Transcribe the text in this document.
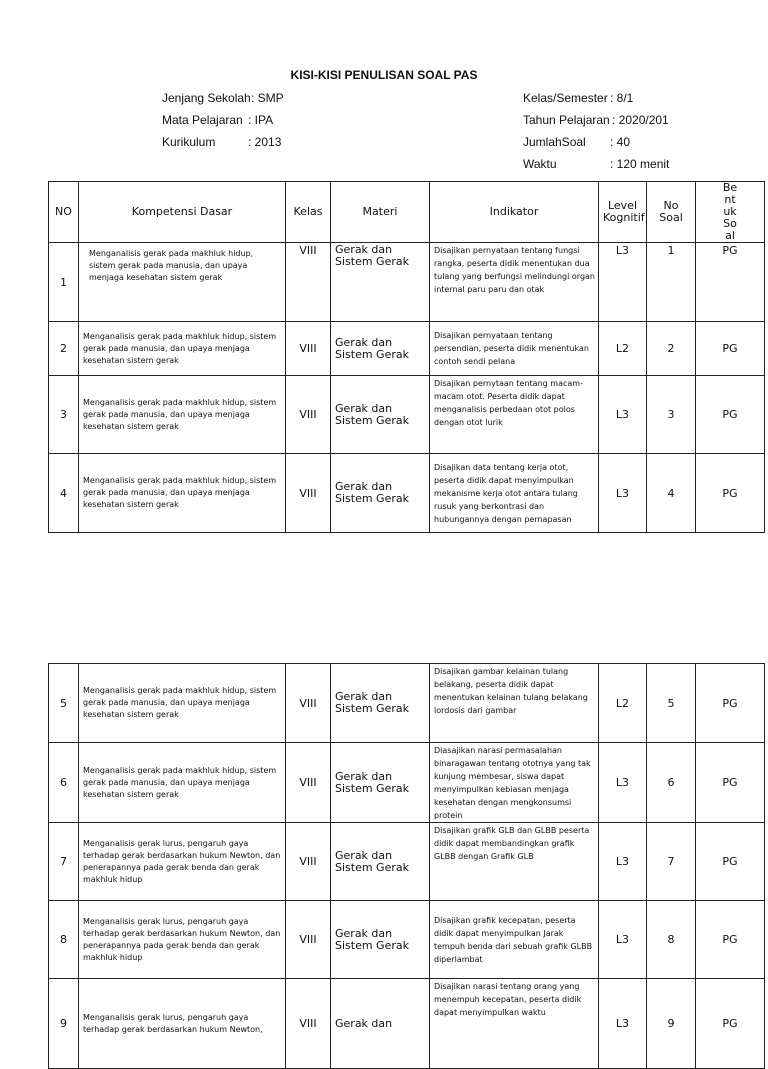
KISI-KISI PENULISAN SOAL PAS
Jenjang Sekolah : SMP
Mata Pelajaran : IPA
Kurikulum	: 2013
Kelas/Semester : 8/1
Tahun Pelajaran : 2020/201
JumlahSoal : 40
Waktu	: 120 menit
NO	Kompetensi Dasar	Kelas	Materi	Indikator	Level Kognitif	No Soal	Bentuk Soal
1	Menganalisis gerak pada makhluk hidup, sistem gerak pada manusia, dan upaya menjaga kesehatan sistem gerak	VIII	Gerak dan Sistem Gerak	Disajikan pernyataan tentang fungsi rangka, peserta didik menentukan dua tulang yang berfungsi melindungi organ internal paru paru dan otak	L3	1	PG
2	Menganalisis gerak pada makhluk hidup, sistem gerak pada manusia, dan upaya menjaga kesehatan sistem gerak	VIII	Gerak dan Sistem Gerak	Disajikan pernyataan tentang persendian, peserta didik menentukan contoh sendi pelana	L2	2	PG
3	Menganalisis gerak pada makhluk hidup, sistem gerak pada manusia, dan upaya menjaga kesehatan sistem gerak	VIII	Gerak dan Sistem Gerak	Disajikan pernytaan tentang macam-macam otot. Peserta didik dapat menganalisis perbedaan otot polos dengan otot lurik	L3	3	PG
4	Menganalisis gerak pada makhluk hidup, sistem gerak pada manusia, dan upaya menjaga kesehatan sistem gerak	VIII	Gerak dan Sistem Gerak	Disajikan data tentang kerja otot, peserta didik dapat menyimpulkan mekanisme kerja otot antara tulang rusuk yang berkontrasi dan hubungannya dengan pernapasan	L3	4	PG
5	Menganalisis gerak pada makhluk hidup, sistem gerak pada manusia, dan upaya menjaga kesehatan sistem gerak	VIII	Gerak dan Sistem Gerak	Disajikan gambar kelainan tulang belakang, peserta didik dapat menentukan kelainan tulang belakang lordosis dari gambar	L2	5	PG
6	Menganalisis gerak pada makhluk hidup, sistem gerak pada manusia, dan upaya menjaga kesehatan sistem gerak	VIII	Gerak dan Sistem Gerak	Diasajikan narasi permasalahan binaragawan tentang ototnya yang tak kunjung membesar, siswa dapat menyimpulkan kebiasan menjaga kesehatan dengan mengkonsumsi protein	L3	6	PG
7	Menganalisis gerak lurus, pengaruh gaya terhadap gerak berdasarkan hukum Newton, dan penerapannya pada gerak benda dan gerak makhluk hidup	VIII	Gerak dan Sistem Gerak	Disajikan grafik GLB dan GLBB peserta didik dapat membandingkan grafik GLBB dengan Grafik GLB	L3	7	PG
8	Menganalisis gerak lurus, pengaruh gaya terhadap gerak berdasarkan hukum Newton, dan penerapannya pada gerak benda dan gerak makhluk hidup	VIII	Gerak dan Sistem Gerak	Disajikan grafik kecepatan, peserta didik dapat menyimpulkan Jarak tempuh benda dari sebuah grafik GLBB diperlambat	L3	8	PG
9	Menganalisis gerak lurus, pengaruh gaya terhadap gerak berdasarkan hukum Newton,	VIII	Gerak dan	Disajikan narasi tentang orang yang menempuh kecepatan, peserta didik dapat menyimpulkan waktu	L3	9	PG
